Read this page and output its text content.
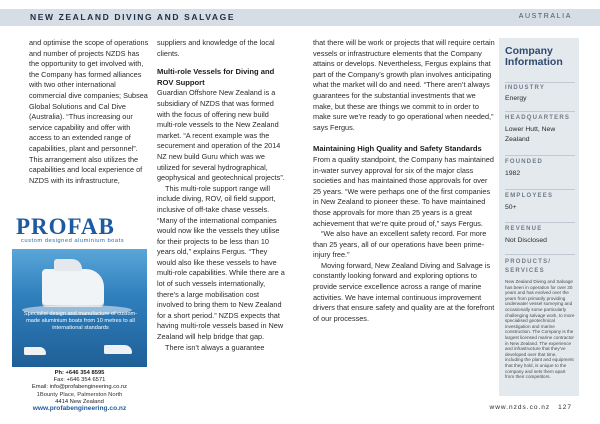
NEW ZEALAND DIVING AND SALVAGE	AUSTRALIA

and optimise the scope of operations and number of projects NZDS has the opportunity to get involved with, the Company has formed alliances with two other international commercial dive companies; Subsea Global Solutions and Cal Dive (Australia). “Thus increasing our service capability and offer with access to an extended range of capabilities, plant and personnel”. This arrangement also utilizes the capabilities and local experience of NZDS with its infrastructure,

PROFAB
custom designed aluminium boats
Specialist design and manufacture of custom-made aluminium boats from 10 metres to all international standards
Ph: +646 354 8595
Fax: +646 354 6571
Email: info@profabengineering.co.nz
1Bounty Place, Palmerston North
4414 New Zealand
www.profabengineering.co.nz

suppliers and knowledge of the local clients.

Multi-role Vessels for Diving and ROV Support

Guardian Offshore New Zealand is a subsidiary of NZDS that was formed with the focus of offering new build multi-role vessels to the New Zealand market. “A recent example was the securement and operation of the 2014 NZ new build Guru which was we utilized for several hydrographical, geophysical and geotechnical projects”.

This multi-role support range will include diving, ROV, oil field support, inclusive of off-take chase vessels. “Many of the international companies would now like the vessels they utilise for their projects to be less than 10 years old,” explains Fergus. “They would also like these vessels to have multi-role capabilities. While there are a lot of such vessels internationally, there’s a large mobilisation cost involved to bring them to New Zealand for a short period.” NZDS expects that having multi-role vessels based in New Zealand will help bridge that gap.

There isn’t always a guarantee

that there will be work or projects that will require certain vessels or infrastructure elements that the Company attains or develops. Nevertheless, Fergus explains that part of the Company’s growth plan involves anticipating what the market will do and need. “There aren’t always guarantees for the substantial investments that we make, but these are things we commit to in order to make sure we’re ready to go operational when needed,” says Fergus.

Maintaining High Quality and Safety Standards

From a quality standpoint, the Company has maintained in-water survey approval for six of the major class societies and has maintained those approvals for over 25 years. “We were perhaps one of the first companies in New Zealand to pioneer these. To have maintained those approvals for more than 25 years is a great achievement that we’re quite proud of,” says Fergus.

“We also have an excellent safety record. For more than 25 years, all of our operations have been prime-injury free.”

Moving forward, New Zealand Diving and Salvage is constantly looking forward and exploring options to provide service excellence across a range of marine activities. We have internal continuous improvement drivers that ensure safety and quality are at the forefront of our processes.

Company Information
INDUSTRY
Energy
HEADQUARTERS
Lower Hutt, New Zealand
FOUNDED
1982
EMPLOYEES
50+
REVENUE
Not Disclosed
PRODUCTS/ SERVICES
New Zealand Diving and Salvage has been in operation for over 30 years and has evolved over the years from primarily providing underwater vessel surveying and occasionally some particularly challenging salvage work, to more specialised geotechnical investigation and marine construction. The Company is the largest licensed marine contractor in New Zealand. The experience and infrastructure that they’ve developed over that time, including the plant and equipment that they hold, is unique to the company and sets them apart from their competitors.
www.nzds.co.nz 127
